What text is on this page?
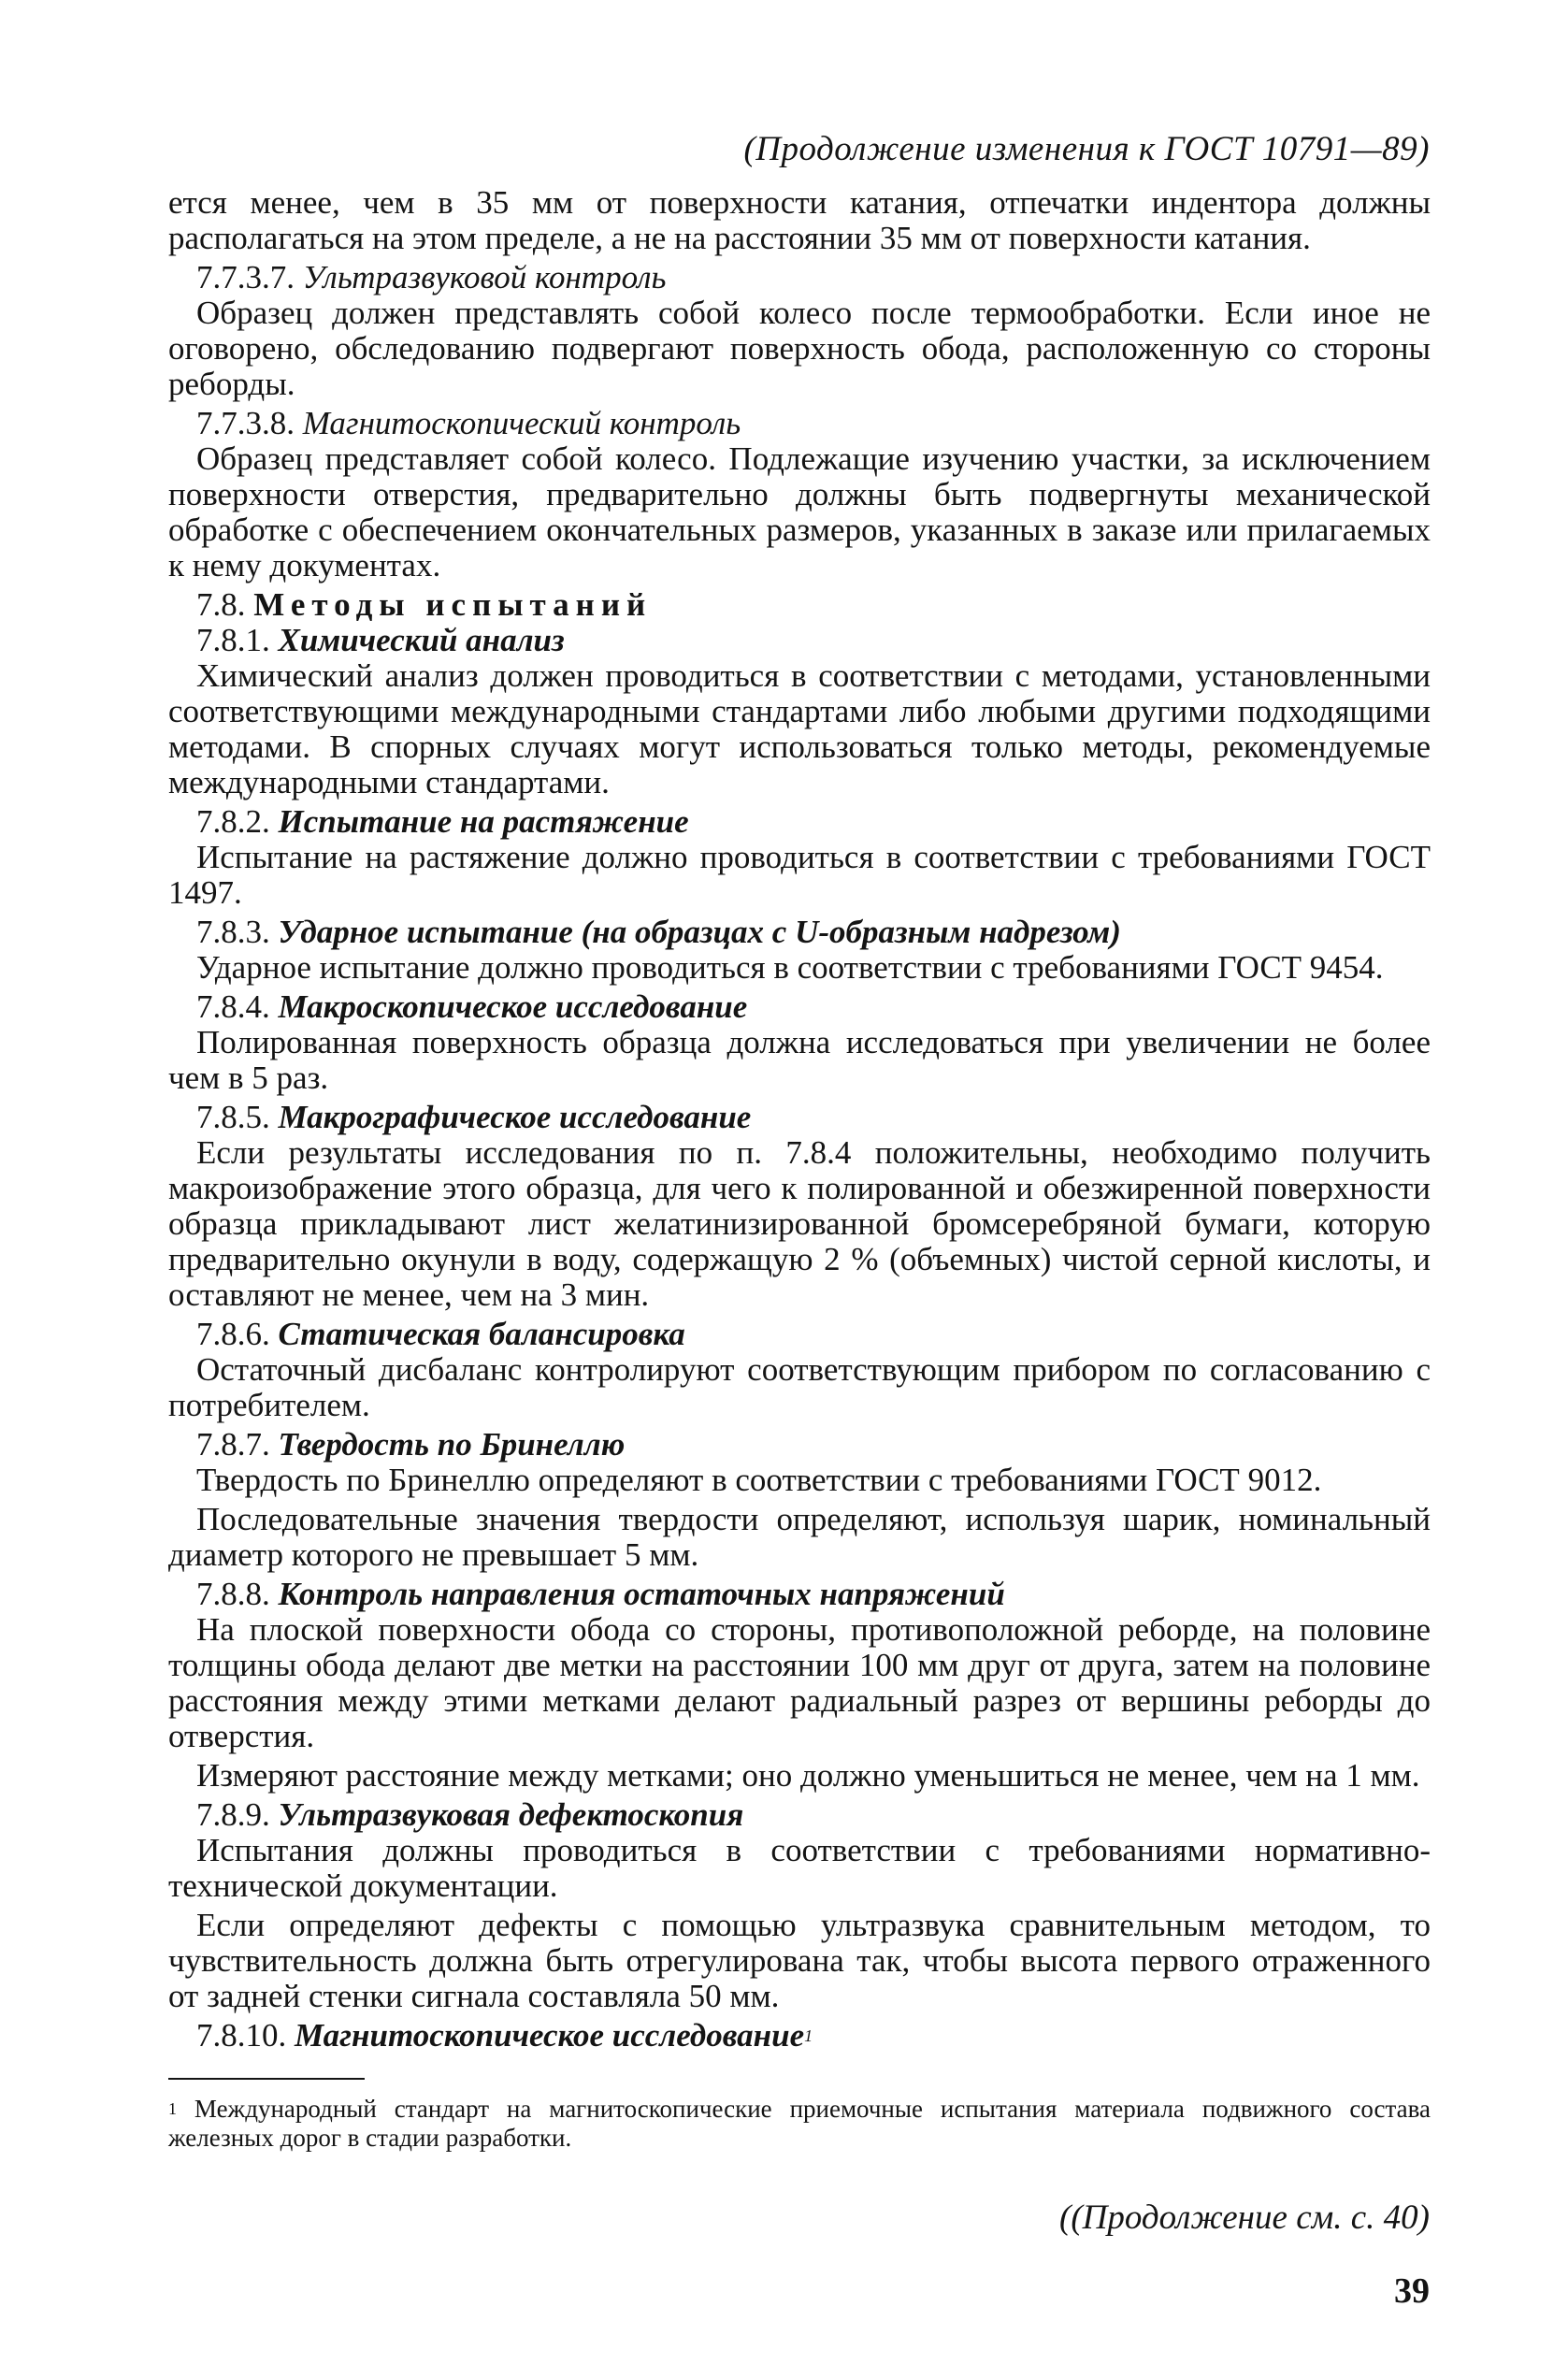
(Продолжение изменения к ГОСТ 10791—89)

ется менее, чем в 35 мм от поверхности катания, отпечатки индентора должны располагаться на этом пределе, а не на расстоянии 35 мм от поверхности катания.

7.7.3.7. Ультразвуковой контроль

Образец должен представлять собой колесо после термообработки. Если иное не оговорено, обследованию подвергают поверхность обода, расположенную со стороны реборды.

7.7.3.8. Магнитоскопический контроль

Образец представляет собой колесо. Подлежащие изучению участки, за исключением поверхности отверстия, предварительно должны быть подвергнуты механической обработке с обеспечением окончательных размеров, указанных в заказе или прилагаемых к нему документах.

7.8. Методы испытаний

7.8.1. Химический анализ

Химический анализ должен проводиться в соответствии с методами, установленными соответствующими международными стандартами либо любыми другими подходящими методами. В спорных случаях могут использоваться только методы, рекомендуемые международными стандартами.

7.8.2. Испытание на растяжение

Испытание на растяжение должно проводиться в соответствии с требованиями ГОСТ 1497.

7.8.3. Ударное испытание (на образцах с U-образным надрезом)

Ударное испытание должно проводиться в соответствии с требованиями ГОСТ 9454.

7.8.4. Макроскопическое исследование

Полированная поверхность образца должна исследоваться при увеличении не более чем в 5 раз.

7.8.5. Макрографическое исследование

Если результаты исследования по п. 7.8.4 положительны, необходимо получить макроизображение этого образца, для чего к полированной и обезжиренной поверхности образца прикладывают лист желатинизированной бромсеребряной бумаги, которую предварительно окунули в воду, содержащую 2 % (объемных) чистой серной кислоты, и оставляют не менее, чем на 3 мин.

7.8.6. Статическая балансировка

Остаточный дисбаланс контролируют соответствующим прибором по согласованию с потребителем.

7.8.7. Твердость по Бринеллю

Твердость по Бринеллю определяют в соответствии с требованиями ГОСТ 9012.

Последовательные значения твердости определяют, используя шарик, номинальный диаметр которого не превышает 5 мм.

7.8.8. Контроль направления остаточных напряжений

На плоской поверхности обода со стороны, противоположной реборде, на половине толщины обода делают две метки на расстоянии 100 мм друг от друга, затем на половине расстояния между этими метками делают радиальный разрез от вершины реборды до отверстия.

Измеряют расстояние между метками; оно должно уменьшиться не менее, чем на 1 мм.

7.8.9. Ультразвуковая дефектоскопия

Испытания должны проводиться в соответствии с требованиями нормативно-технической документации.

Если определяют дефекты с помощью ультразвука сравнительным методом, то чувствительность должна быть отрегулирована так, чтобы высота первого отраженного от задней стенки сигнала составляла 50 мм.

7.8.10. Магнитоскопическое исследование$^1$

$^1$ Международный стандарт на магнитоскопические приемочные испытания материала подвижного состава железных дорог в стадии разработки.
((Продолжение см. с. 40)
39
